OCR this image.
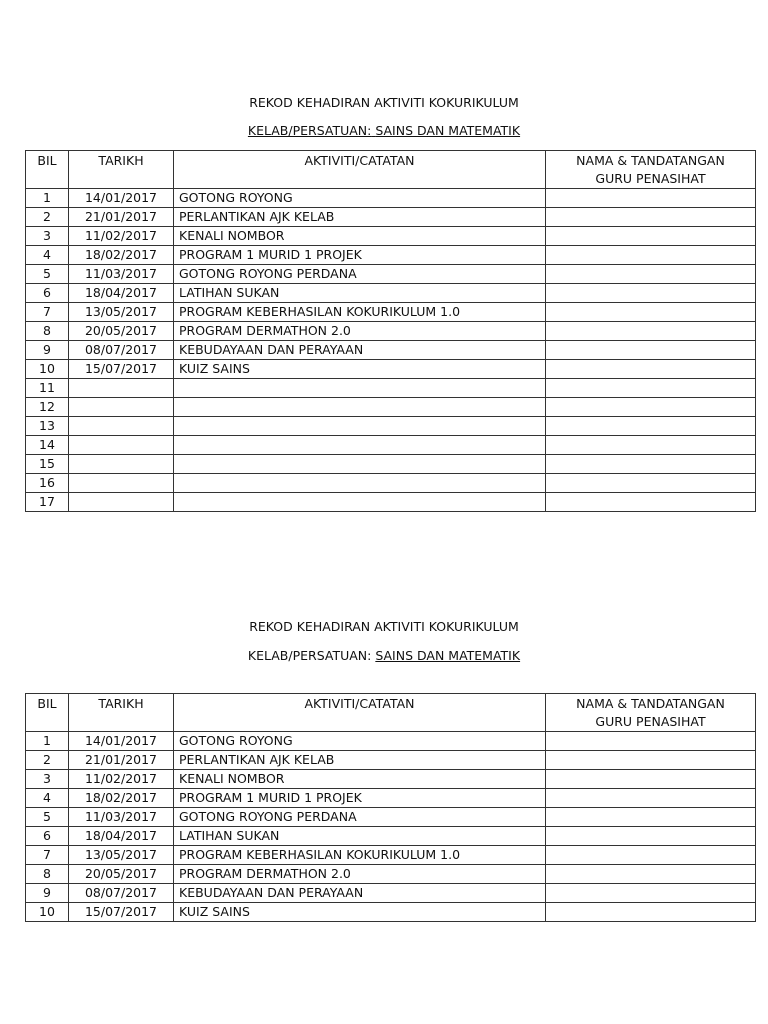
REKOD KEHADIRAN AKTIVITI KOKURIKULUM
KELAB/PERSATUAN: SAINS DAN MATEMATIK
BIL	TARIKH	AKTIVITI/CATATAN	NAMA & TANDATANGAN
GURU PENASIHAT
1	14/01/2017	GOTONG ROYONG	
2	21/01/2017	PERLANTIKAN AJK KELAB	
3	11/02/2017	KENALI NOMBOR	
4	18/02/2017	PROGRAM 1 MURID 1 PROJEK	
5	11/03/2017	GOTONG ROYONG PERDANA	
6	18/04/2017	LATIHAN SUKAN	
7	13/05/2017	PROGRAM KEBERHASILAN KOKURIKULUM 1.0	
8	20/05/2017	PROGRAM DERMATHON 2.0	
9	08/07/2017	KEBUDAYAAN DAN PERAYAAN	
10	15/07/2017	KUIZ SAINS	
11			
12			
13			
14			
15			
16			
17			
REKOD KEHADIRAN AKTIVITI KOKURIKULUM
KELAB/PERSATUAN: SAINS DAN MATEMATIK
BIL	TARIKH	AKTIVITI/CATATAN	NAMA & TANDATANGAN
GURU PENASIHAT
1	14/01/2017	GOTONG ROYONG	
2	21/01/2017	PERLANTIKAN AJK KELAB	
3	11/02/2017	KENALI NOMBOR	
4	18/02/2017	PROGRAM 1 MURID 1 PROJEK	
5	11/03/2017	GOTONG ROYONG PERDANA	
6	18/04/2017	LATIHAN SUKAN	
7	13/05/2017	PROGRAM KEBERHASILAN KOKURIKULUM 1.0	
8	20/05/2017	PROGRAM DERMATHON 2.0	
9	08/07/2017	KEBUDAYAAN DAN PERAYAAN	
10	15/07/2017	KUIZ SAINS	
